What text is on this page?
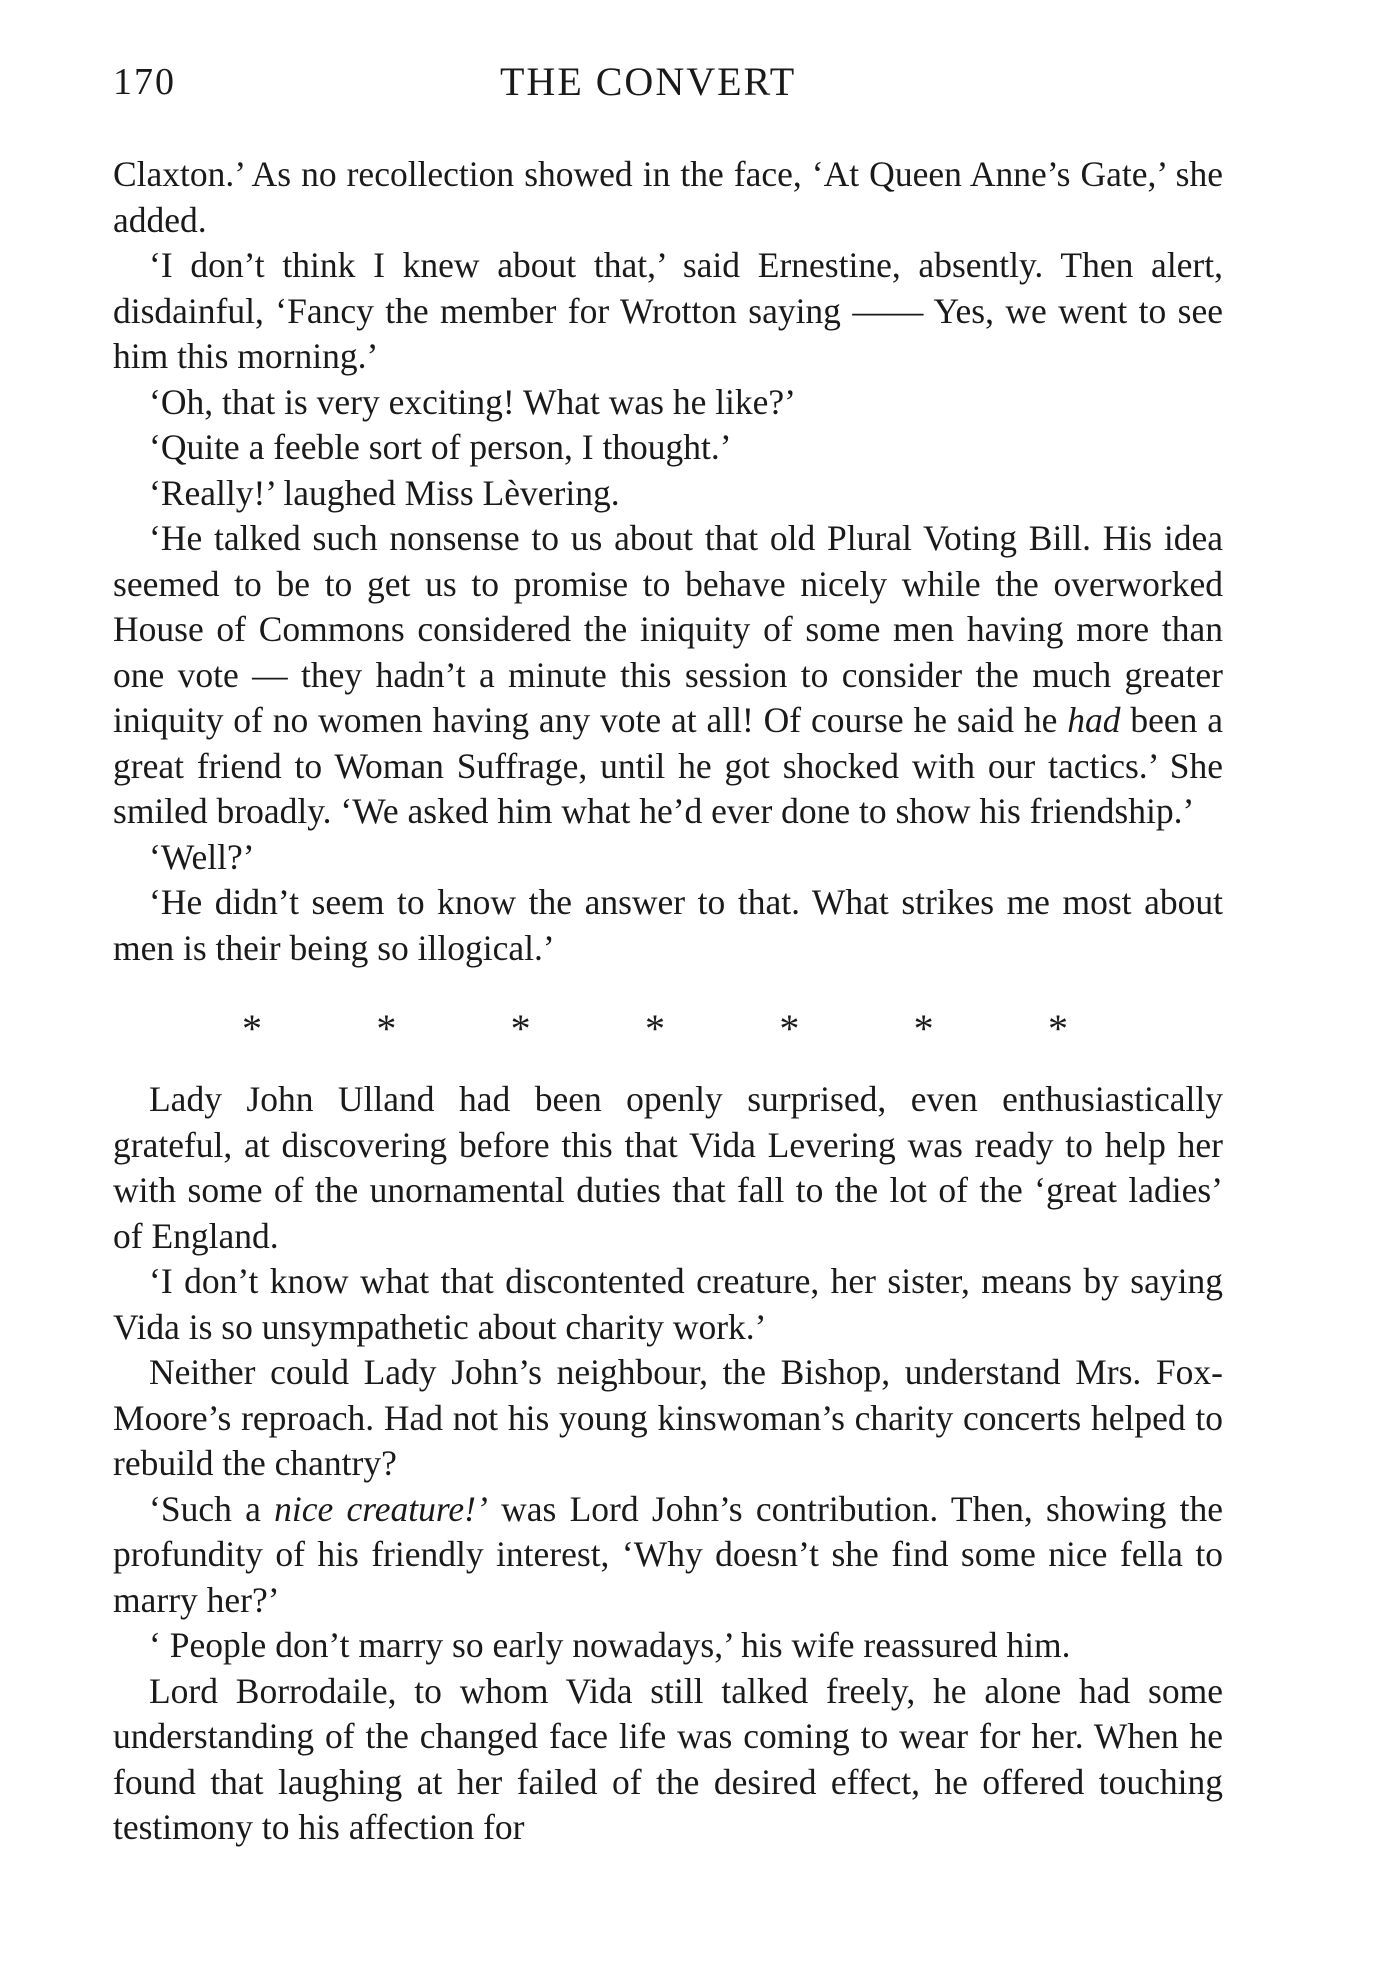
170	THE CONVERT

Claxton.’ As no recollection showed in the face, ‘At Queen Anne’s Gate,’ she added.

‘I don’t think I knew about that,’ said Ernestine, absently. Then alert, disdainful, ‘Fancy the member for Wrotton saying —— Yes, we went to see him this morning.’

‘Oh, that is very exciting! What was he like?’

‘Quite a feeble sort of person, I thought.’

‘Really!’ laughed Miss Lèvering.

‘He talked such nonsense to us about that old Plural Voting Bill. His idea seemed to be to get us to promise to behave nicely while the overworked House of Commons considered the iniquity of some men having more than one vote — they hadn’t a minute this session to consider the much greater iniquity of no women having any vote at all! Of course he said he had been a great friend to Woman Suffrage, until he got shocked with our tactics.’ She smiled broadly. ‘We asked him what he’d ever done to show his friendship.’

‘Well?’

‘He didn’t seem to know the answer to that. What strikes me most about men is their being so illogical.’

*	*	*	*	*	*	*

Lady John Ulland had been openly surprised, even enthusiastically grateful, at discovering before this that Vida Levering was ready to help her with some of the unornamental duties that fall to the lot of the ‘great ladies’ of England.

‘I don’t know what that discontented creature, her sister, means by saying Vida is so unsympathetic about charity work.’

Neither could Lady John’s neighbour, the Bishop, understand Mrs. Fox-Moore’s reproach. Had not his young kinswoman’s charity concerts helped to rebuild the chantry?

‘Such a nice creature!’ was Lord John’s contribution. Then, showing the profundity of his friendly interest, ‘Why doesn’t she find some nice fella to marry her?’

‘ People don’t marry so early nowadays,’ his wife reassured him.

Lord Borrodaile, to whom Vida still talked freely, he alone had some understanding of the changed face life was coming to wear for her. When he found that laughing at her failed of the desired effect, he offered touching testimony to his affection for
